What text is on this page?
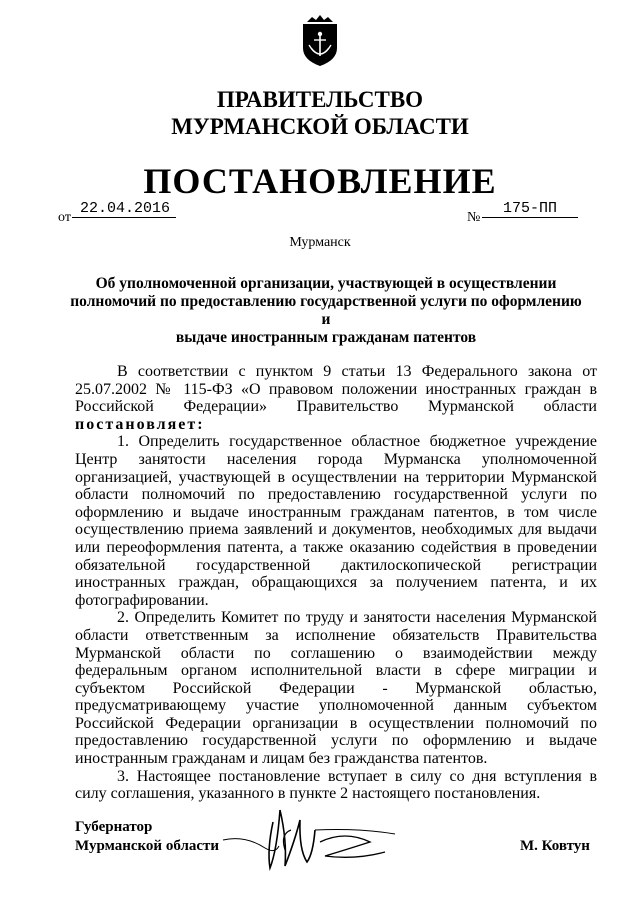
ПРАВИТЕЛЬСТВО
МУРМАНСКОЙ ОБЛАСТИ
ПОСТАНОВЛЕНИЕ
от
22.04.2016
№
175-ПП
Мурманск
Об уполномоченной организации, участвующей в осуществлении
полномочий по предоставлению государственной услуги по оформлению и
выдаче иностранным гражданам патентов

В соответствии с пунктом 9 статьи 13 Федерального закона от 25.07.2002 № 115-ФЗ «О правовом положении иностранных граждан в Российской Федерации» Правительство Мурманской области постановляет:

1. Определить государственное областное бюджетное учреждение Центр занятости населения города Мурманска уполномоченной организацией, участвующей в осуществлении на территории Мурманской области полномочий по предоставлению государственной услуги по оформлению и выдаче иностранным гражданам патентов, в том числе осуществлению приема заявлений и документов, необходимых для выдачи или переоформления патента, а также оказанию содействия в проведении обязательной государственной дактилоскопической регистрации иностранных граждан, обращающихся за получением патента, и их фотографировании.

2. Определить Комитет по труду и занятости населения Мурманской области ответственным за исполнение обязательств Правительства Мурманской области по соглашению о взаимодействии между федеральным органом исполнительной власти в сфере миграции и субъектом Российской Федерации - Мурманской областью, предусматривающему участие уполномоченной данным субъектом Российской Федерации организации в осуществлении полномочий по предоставлению государственной услуги по оформлению и выдаче иностранным гражданам и лицам без гражданства патентов.

3. Настоящее постановление вступает в силу со дня вступления в силу соглашения, указанного в пункте 2 настоящего постановления.

Губернатор
Мурманской области	М. Ковтун
